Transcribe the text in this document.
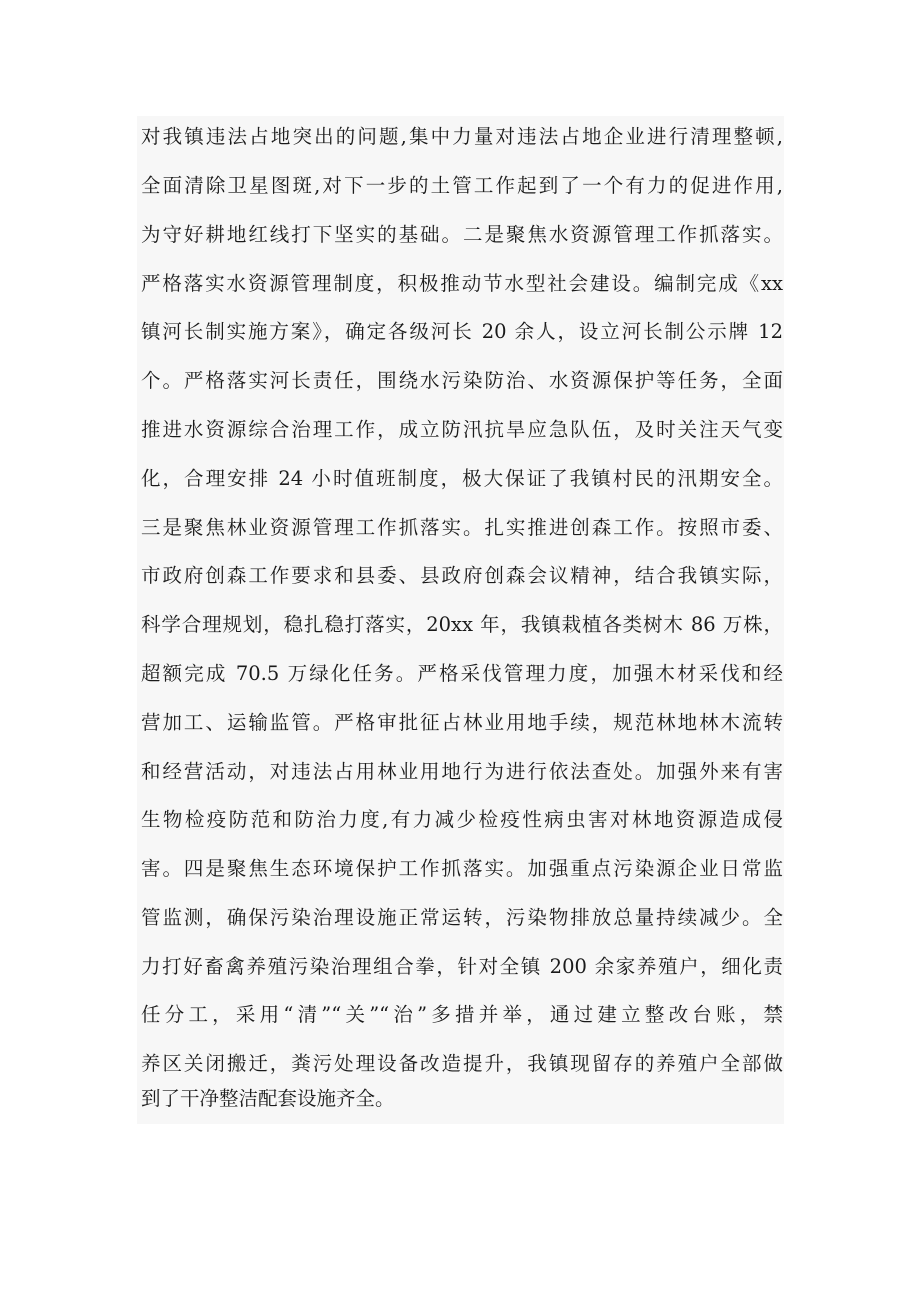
对我镇违法占地突出的问题,集中力量对违法占地企业进行清理整顿,
全面清除卫星图斑,对下一步的土管工作起到了一个有力的促进作用,
为守好耕地红线打下坚实的基础。二是聚焦水资源管理工作抓落实。
严格落实水资源管理制度，积极推动节水型社会建设。编制完成《xx
镇河长制实施方案》，确定各级河长 20 余人，设立河长制公示牌 12
个。严格落实河长责任，围绕水污染防治、水资源保护等任务，全面
推进水资源综合治理工作，成立防汛抗旱应急队伍，及时关注天气变
化，合理安排 24 小时值班制度，极大保证了我镇村民的汛期安全。
三是聚焦林业资源管理工作抓落实。扎实推进创森工作。按照市委、
市政府创森工作要求和县委、县政府创森会议精神，结合我镇实际，
科学合理规划，稳扎稳打落实，20xx 年，我镇栽植各类树木 86 万株，
超额完成 70.5 万绿化任务。严格采伐管理力度，加强木材采伐和经
营加工、运输监管。严格审批征占林业用地手续，规范林地林木流转
和经营活动，对违法占用林业用地行为进行依法查处。加强外来有害
生物检疫防范和防治力度,有力减少检疫性病虫害对林地资源造成侵
害。四是聚焦生态环境保护工作抓落实。加强重点污染源企业日常监
管监测，确保污染治理设施正常运转，污染物排放总量持续减少。全
力打好畜禽养殖污染治理组合拳，针对全镇 200 余家养殖户，细化责
任分工，采用“清”“关”“治”多措并举，通过建立整改台账，禁
养区关闭搬迁，粪污处理设备改造提升，我镇现留存的养殖户全部做
到了干净整洁配套设施齐全。
